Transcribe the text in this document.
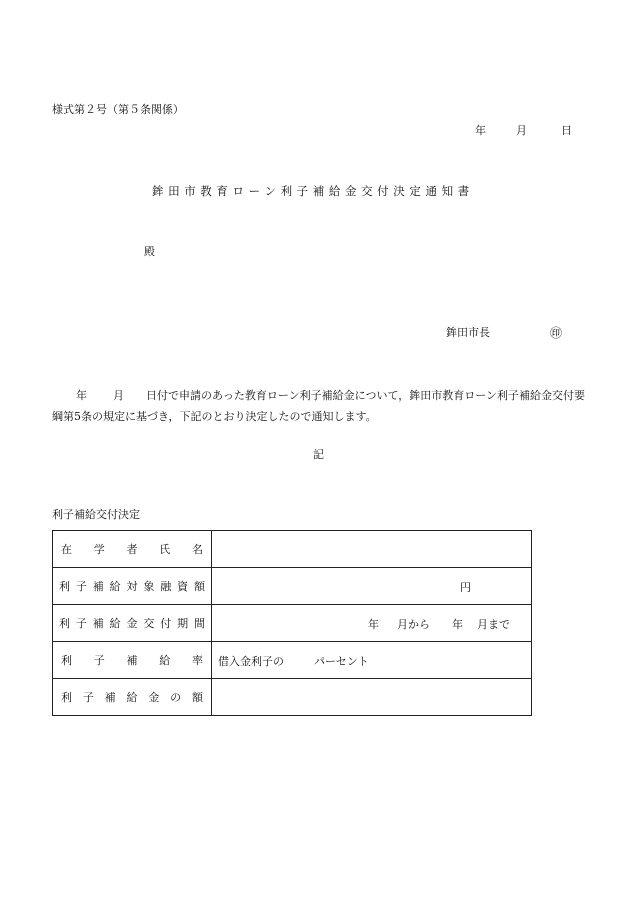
様式第２号（第５条関係）
年	月	日
鉾田市教育ローン利子補給金交付決定通知書
殿
鉾田市長	㊞
年 月 日付で申請のあった教育ローン利子補給金について，鉾田市教育ローン利子補給金交付要綱第5条の規定に基づき，下記のとおり決定したので通知します。
記
利子補給交付決定
在学者氏名	
利子補給対象融資額	円

利子補給金交付期間	年 月から 年 月まで

利子補給率	借入金利子の パーセント

利子補給金の額	
